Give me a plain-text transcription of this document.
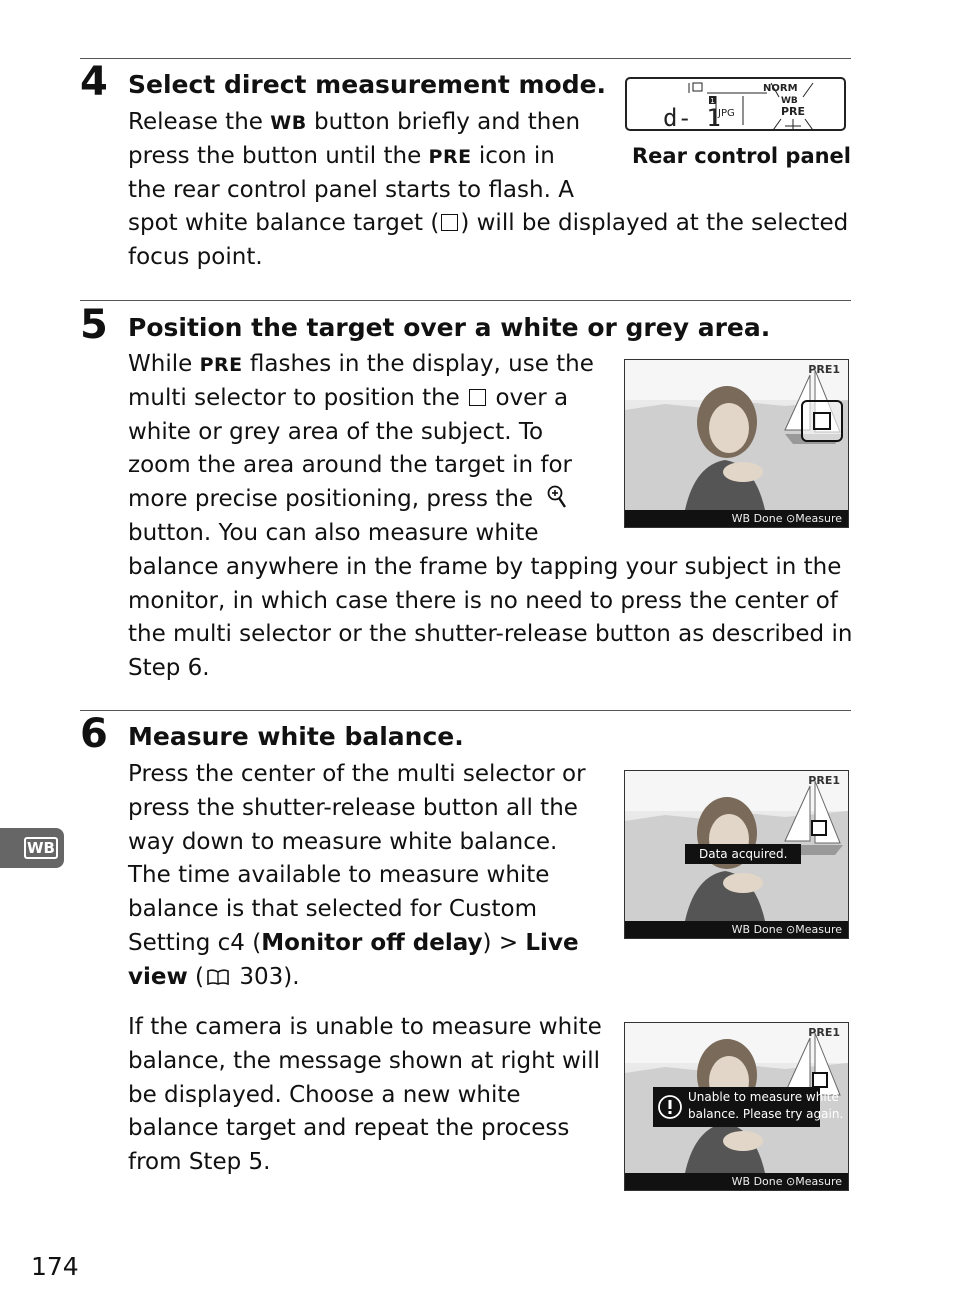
4 Select direct measurement mode.
Release the WB button briefly and then
press the button until the PRE icon in
the rear control panel starts to flash. A
spot white balance target ( ) will be displayed at the selected
focus point.
1
JPG
d- 1
NORM
WB
PRE
Rear control panel
5 Position the target over a white or grey area.
While PRE flashes in the display, use the
multi selector to position the  over a
white or grey area of the subject. To
zoom the area around the target in for
more precise positioning, press the
button. You can also measure white
balance anywhere in the frame by tapping your subject in the
monitor, in which case there is no need to press the center of
the multi selector or the shutter-release button as described in
Step 6.
PRE1
WB Done ⊙Measure
6 Measure white balance.
Press the center of the multi selector or
press the shutter-release button all the
way down to measure white balance.
The time available to measure white
balance is that selected for Custom
Setting c4 (Monitor off delay) > Live
view ( 303).
Data acquired.
PRE1
WB Done ⊙Measure
If the camera is unable to measure white
balance, the message shown at right will
be displayed. Choose a new white
balance target and repeat the process
from Step 5.
Unable to measure white
balance. Please try again.
PRE1
WB Done ⊙Measure
WB
174
